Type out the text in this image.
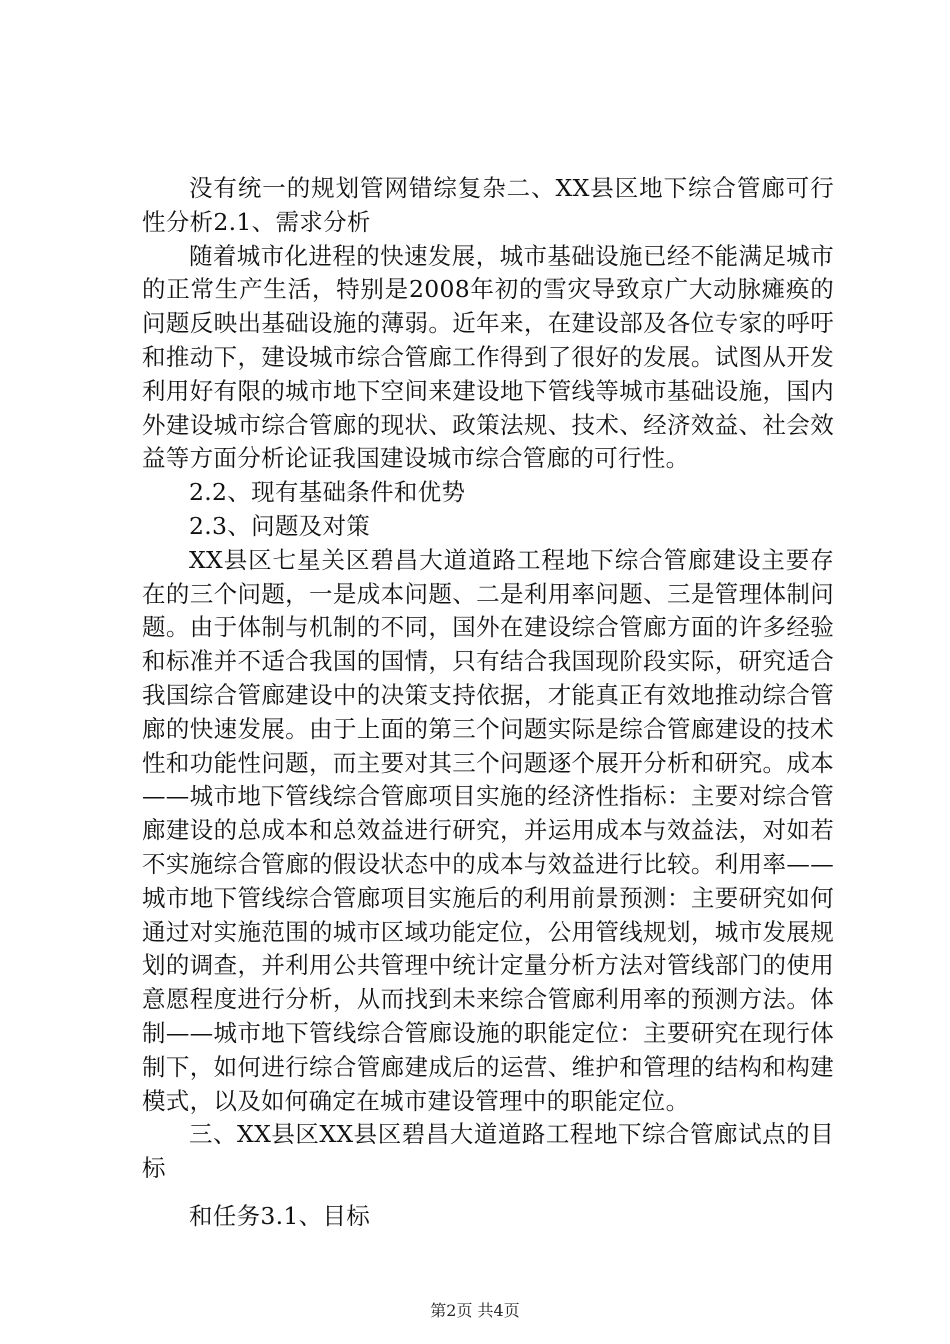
没有统一的规划管网错综复杂二、XX县区地下综合管廊可行性分析2.1、需求分析

随着城市化进程的快速发展，城市基础设施已经不能满足城市的正常生产生活，特别是2008年初的雪灾导致京广大动脉瘫痪的问题反映出基础设施的薄弱。近年来，在建设部及各位专家的呼吁和推动下，建设城市综合管廊工作得到了很好的发展。试图从开发利用好有限的城市地下空间来建设地下管线等城市基础设施，国内外建设城市综合管廊的现状、政策法规、技术、经济效益、社会效益等方面分析论证我国建设城市综合管廊的可行性。

2.2、现有基础条件和优势

2.3、问题及对策

XX县区七星关区碧昌大道道路工程地下综合管廊建设主要存在的三个问题，一是成本问题、二是利用率问题、三是管理体制问题。由于体制与机制的不同，国外在建设综合管廊方面的许多经验和标准并不适合我国的国情，只有结合我国现阶段实际，研究适合我国综合管廊建设中的决策支持依据，才能真正有效地推动综合管廊的快速发展。由于上面的第三个问题实际是综合管廊建设的技术性和功能性问题，而主要对其三个问题逐个展开分析和研究。成本——城市地下管线综合管廊项目实施的经济性指标：主要对综合管廊建设的总成本和总效益进行研究，并运用成本与效益法，对如若不实施综合管廊的假设状态中的成本与效益进行比较。利用率——城市地下管线综合管廊项目实施后的利用前景预测：主要研究如何通过对实施范围的城市区域功能定位，公用管线规划，城市发展规划的调查，并利用公共管理中统计定量分析方法对管线部门的使用意愿程度进行分析，从而找到未来综合管廊利用率的预测方法。体制——城市地下管线综合管廊设施的职能定位：主要研究在现行体制下，如何进行综合管廊建成后的运营、维护和管理的结构和构建模式，以及如何确定在城市建设管理中的职能定位。

三、XX县区XX县区碧昌大道道路工程地下综合管廊试点的目标

和任务3.1、目标

第2页 共4页
